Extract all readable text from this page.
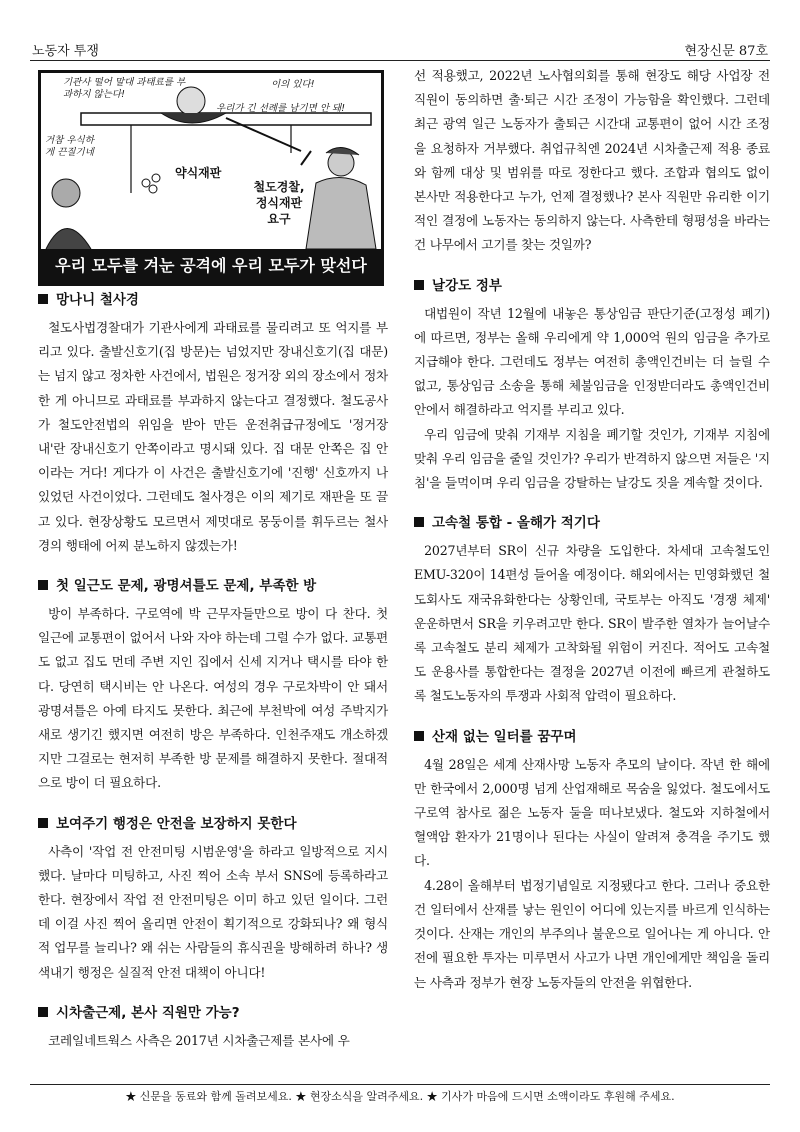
노동자 투쟁	현장신문 87호
기관사 떨어 말대 과태료를 부과하지 않는다!
이의 있다!
우리가 긴 선례를 남기면 안 돼!
거참 우식하게 끈질기네
약식재판
철도경찰, 정식재판 요구
우리 모두를 겨눈 공격에 우리 모두가 맞선다
망나니 철사경

철도사법경찰대가 기관사에게 과태료를 물리려고 또 억지를 부리고 있다. 출발신호기(집 방문)는 넘었지만 장내신호기(집 대문)는 넘지 않고 정차한 사건에서, 법원은 정거장 외의 장소에서 정차한 게 아니므로 과태료를 부과하지 않는다고 결정했다. 철도공사가 철도안전법의 위임을 받아 만든 운전취급규정에도 '정거장 내'란 장내신호기 안쪽이라고 명시돼 있다. 집 대문 안쪽은 집 안이라는 거다! 게다가 이 사건은 출발신호기에 '진행' 신호까지 나 있었던 사건이었다. 그런데도 철사경은 이의 제기로 재판을 또 끌고 있다. 현장상황도 모르면서 제멋대로 몽둥이를 휘두르는 철사경의 행태에 어찌 분노하지 않겠는가!

첫 일근도 문제, 광명셔틀도 문제, 부족한 방

방이 부족하다. 구로역에 박 근무자들만으로 방이 다 찬다. 첫 일근에 교통편이 없어서 나와 자야 하는데 그럴 수가 없다. 교통편도 없고 집도 먼데 주변 지인 집에서 신세 지거나 택시를 타야 한다. 당연히 택시비는 안 나온다. 여성의 경우 구로차박이 안 돼서 광명셔틀은 아예 타지도 못한다. 최근에 부천박에 여성 주박지가 새로 생기긴 했지면 여전히 방은 부족하다. 인천주재도 개소하겠지만 그걸로는 현저히 부족한 방 문제를 해결하지 못한다. 절대적으로 방이 더 필요하다.

보여주기 행정은 안전을 보장하지 못한다

사측이 '작업 전 안전미팅 시범운영'을 하라고 일방적으로 지시했다. 날마다 미팅하고, 사진 찍어 소속 부서 SNS에 등록하라고 한다. 현장에서 작업 전 안전미팅은 이미 하고 있던 일이다. 그런데 이걸 사진 찍어 올리면 안전이 획기적으로 강화되나? 왜 형식적 업무를 늘리나? 왜 쉬는 사람들의 휴식권을 방해하려 하나? 생색내기 행정은 실질적 안전 대책이 아니다!

시차출근제, 본사 직원만 가능?

코레일네트웍스 사측은 2017년 시차출근제를 본사에 우

선 적용했고, 2022년 노사협의회를 통해 현장도 해당 사업장 전 직원이 동의하면 출·퇴근 시간 조정이 가능함을 확인했다. 그런데 최근 광역 일근 노동자가 출퇴근 시간대 교통편이 없어 시간 조정을 요청하자 거부했다. 취업규칙엔 2024년 시차출근제 적용 종료와 함께 대상 및 범위를 따로 정한다고 했다. 조합과 협의도 없이 본사만 적용한다고 누가, 언제 결정했나? 본사 직원만 유리한 이기적인 결정에 노동자는 동의하지 않는다. 사측한테 형평성을 바라는 건 나무에서 고기를 찾는 것일까?

날강도 정부

대법원이 작년 12월에 내놓은 통상임금 판단기준(고정성 폐기)에 따르면, 정부는 올해 우리에게 약 1,000억 원의 임금을 추가로 지급해야 한다. 그런데도 정부는 여전히 총액인건비는 더 늘릴 수 없고, 통상임금 소송을 통해 체불임금을 인정받더라도 총액인건비 안에서 해결하라고 억지를 부리고 있다.

우리 임금에 맞춰 기재부 지침을 폐기할 것인가, 기재부 지침에 맞춰 우리 임금을 줄일 것인가? 우리가 반격하지 않으면 저들은 '지침'을 들먹이며 우리 임금을 강탈하는 날강도 짓을 계속할 것이다.

고속철 통합 - 올해가 적기다

2027년부터 SR이 신규 차량을 도입한다. 차세대 고속철도인 EMU-320이 14편성 들어올 예정이다. 해외에서는 민영화했던 철도회사도 재국유화한다는 상황인데, 국토부는 아직도 '경쟁 체제' 운운하면서 SR을 키우려고만 한다. SR이 발주한 열차가 늘어날수록 고속철도 분리 체제가 고착화될 위험이 커진다. 적어도 고속철도 운용사를 통합한다는 결정을 2027년 이전에 빠르게 관철하도록 철도노동자의 투쟁과 사회적 압력이 필요하다.

산재 없는 일터를 꿈꾸며

4월 28일은 세계 산재사망 노동자 추모의 날이다. 작년 한 해에만 한국에서 2,000명 넘게 산업재해로 목숨을 잃었다. 철도에서도 구로역 참사로 젊은 노동자 둘을 떠나보냈다. 철도와 지하철에서 혈액암 환자가 21명이나 된다는 사실이 알려져 충격을 주기도 했다.

4.28이 올해부터 법정기념일로 지정됐다고 한다. 그러나 중요한 건 일터에서 산재를 낳는 원인이 어디에 있는지를 바르게 인식하는 것이다. 산재는 개인의 부주의나 불운으로 일어나는 게 아니다. 안전에 필요한 투자는 미루면서 사고가 나면 개인에게만 책임을 돌리는 사측과 정부가 현장 노동자들의 안전을 위협한다.

★ 신문을 동료와 함께 돌려보세요. ★ 현장소식을 알려주세요. ★ 기사가 마음에 드시면 소액이라도 후원해 주세요.
